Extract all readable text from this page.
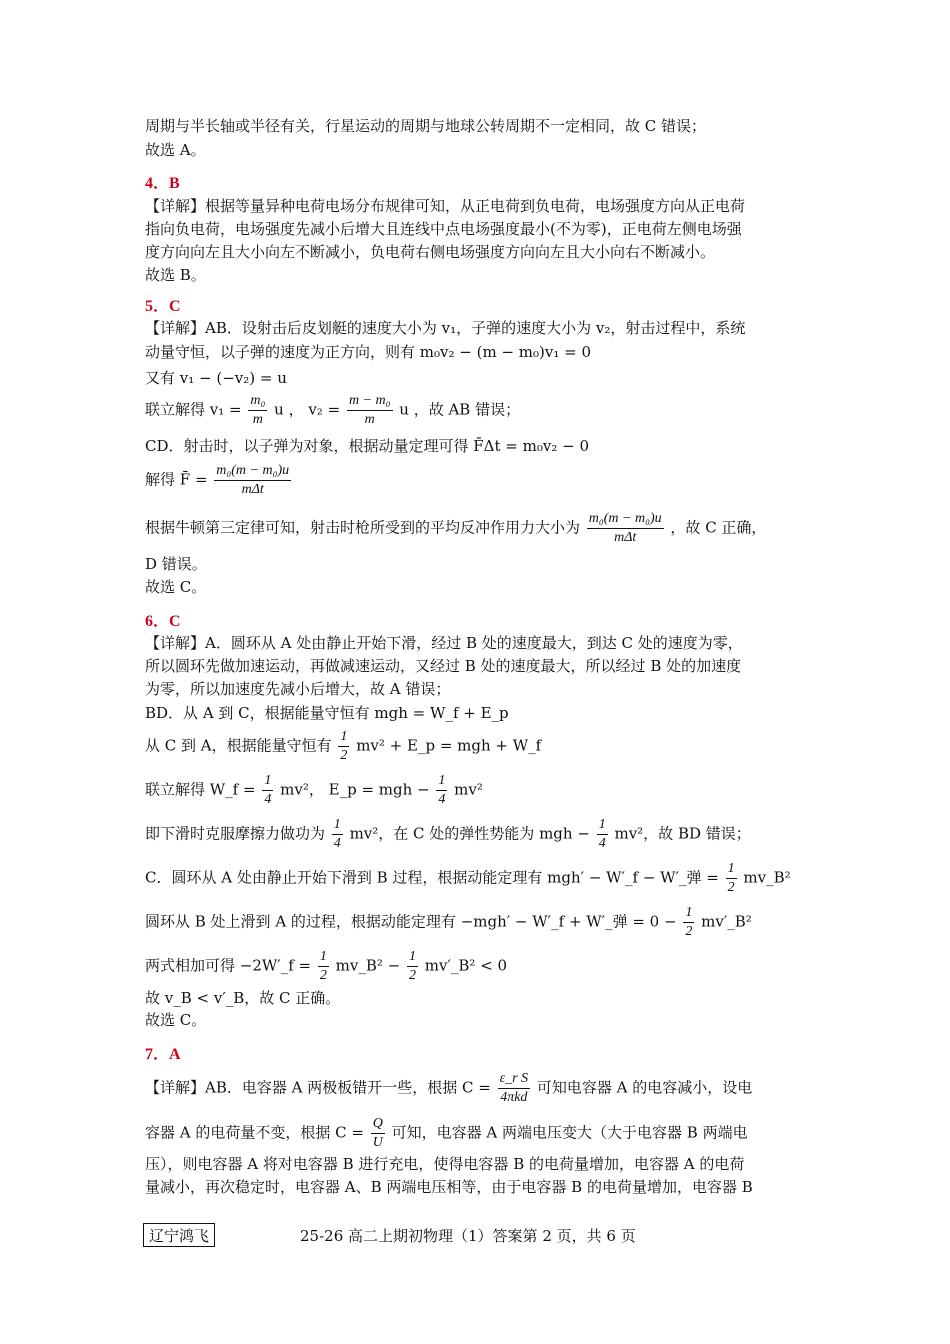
周期与半长轴或半径有关，行星运动的周期与地球公转周期不一定相同，故 C 错误；
故选 A。
4．B
【详解】根据等量异种电荷电场分布规律可知，从正电荷到负电荷，电场强度方向从正电荷
指向负电荷，电场强度先减小后增大且连线中点电场强度最小(不为零)，正电荷左侧电场强
度方向向左且大小向左不断减小，负电荷右侧电场强度方向向左且大小向右不断减小。
故选 B。
5．C
【详解】AB．设射击后皮划艇的速度大小为 v₁，子弹的速度大小为 v₂，射击过程中，系统
动量守恒，以子弹的速度为正方向，则有 m₀v₂ − (m − m₀)v₁ = 0
又有 v₁ − (−v₂) = u
联立解得 $v_1 = \frac{\text{m₀}}{m}$ u ， $v_2 = \frac{\text{m − m₀}}{m}$ u ，故 AB 错误；
CD．射击时，以子弹为对象，根据动量定理可得 F̄Δt = m₀v₂ − 0
解得 F̄ = $\frac{\text{m₀(m − m₀)u}}{\text{mΔt}}$
根据牛顿第三定律可知，射击时枪所受到的平均反冲作用力大小为 $\frac{\text{m₀(m − m₀)u}}{\text{mΔt}}$ ，故 C 正确，
D 错误。
故选 C。
6．C
【详解】A．圆环从 A 处由静止开始下滑，经过 B 处的速度最大，到达 C 处的速度为零，
所以圆环先做加速运动，再做减速运动，又经过 B 处的速度最大，所以经过 B 处的加速度
为零，所以加速度先减小后增大，故 A 错误；
BD．从 A 到 C，根据能量守恒有 mgh = W_f + E_p
从 C 到 A，根据能量守恒有 $\frac{1}{2} mv^2$ + E_p = mgh + W_f
联立解得 W_f = $\frac{1}{4} mv^2$， E_p = mgh − $\frac{1}{4} mv^2$
即下滑时克服摩擦力做功为 $\frac{1}{4} mv^2$，在 C 处的弹性势能为 mgh − $\frac{1}{4} mv^2$，故 BD 错误；
C．圆环从 A 处由静止开始下滑到 B 过程，根据动能定理有 mgh′ − W′_f − W′_弹 = $\frac{1}{2}$ mv_B²
圆环从 B 处上滑到 A 的过程，根据动能定理有 −mgh′ − W′_f + W′_弹 = $0 - \frac{1}{2}$ mv′_B²
两式相加可得 −2W′_f = $\frac{1}{2}$ mv_B² − $\frac{1}{2}$ mv′_B² < 0
故 v_B < v′_B，故 C 正确。
故选 C。
7．A
【详解】AB．电容器 A 两极板错开一些，根据 $C = \frac{\text{ε\_r S}}{\text{4πkd}}$ 可知电容器 A 的电容减小，设电
容器 A 的电荷量不变，根据 $C = \frac{Q}{U}$ 可知，电容器 A 两端电压变大（大于电容器 B 两端电
压），则电容器 A 将对电容器 B 进行充电，使得电容器 B 的电荷量增加，电容器 A 的电荷
量减小，再次稳定时，电容器 A、B 两端电压相等，由于电容器 B 的电荷量增加，电容器 B
辽宁鸿飞	25-26 高二上期初物理（1）答案第 2 页，共 6 页
